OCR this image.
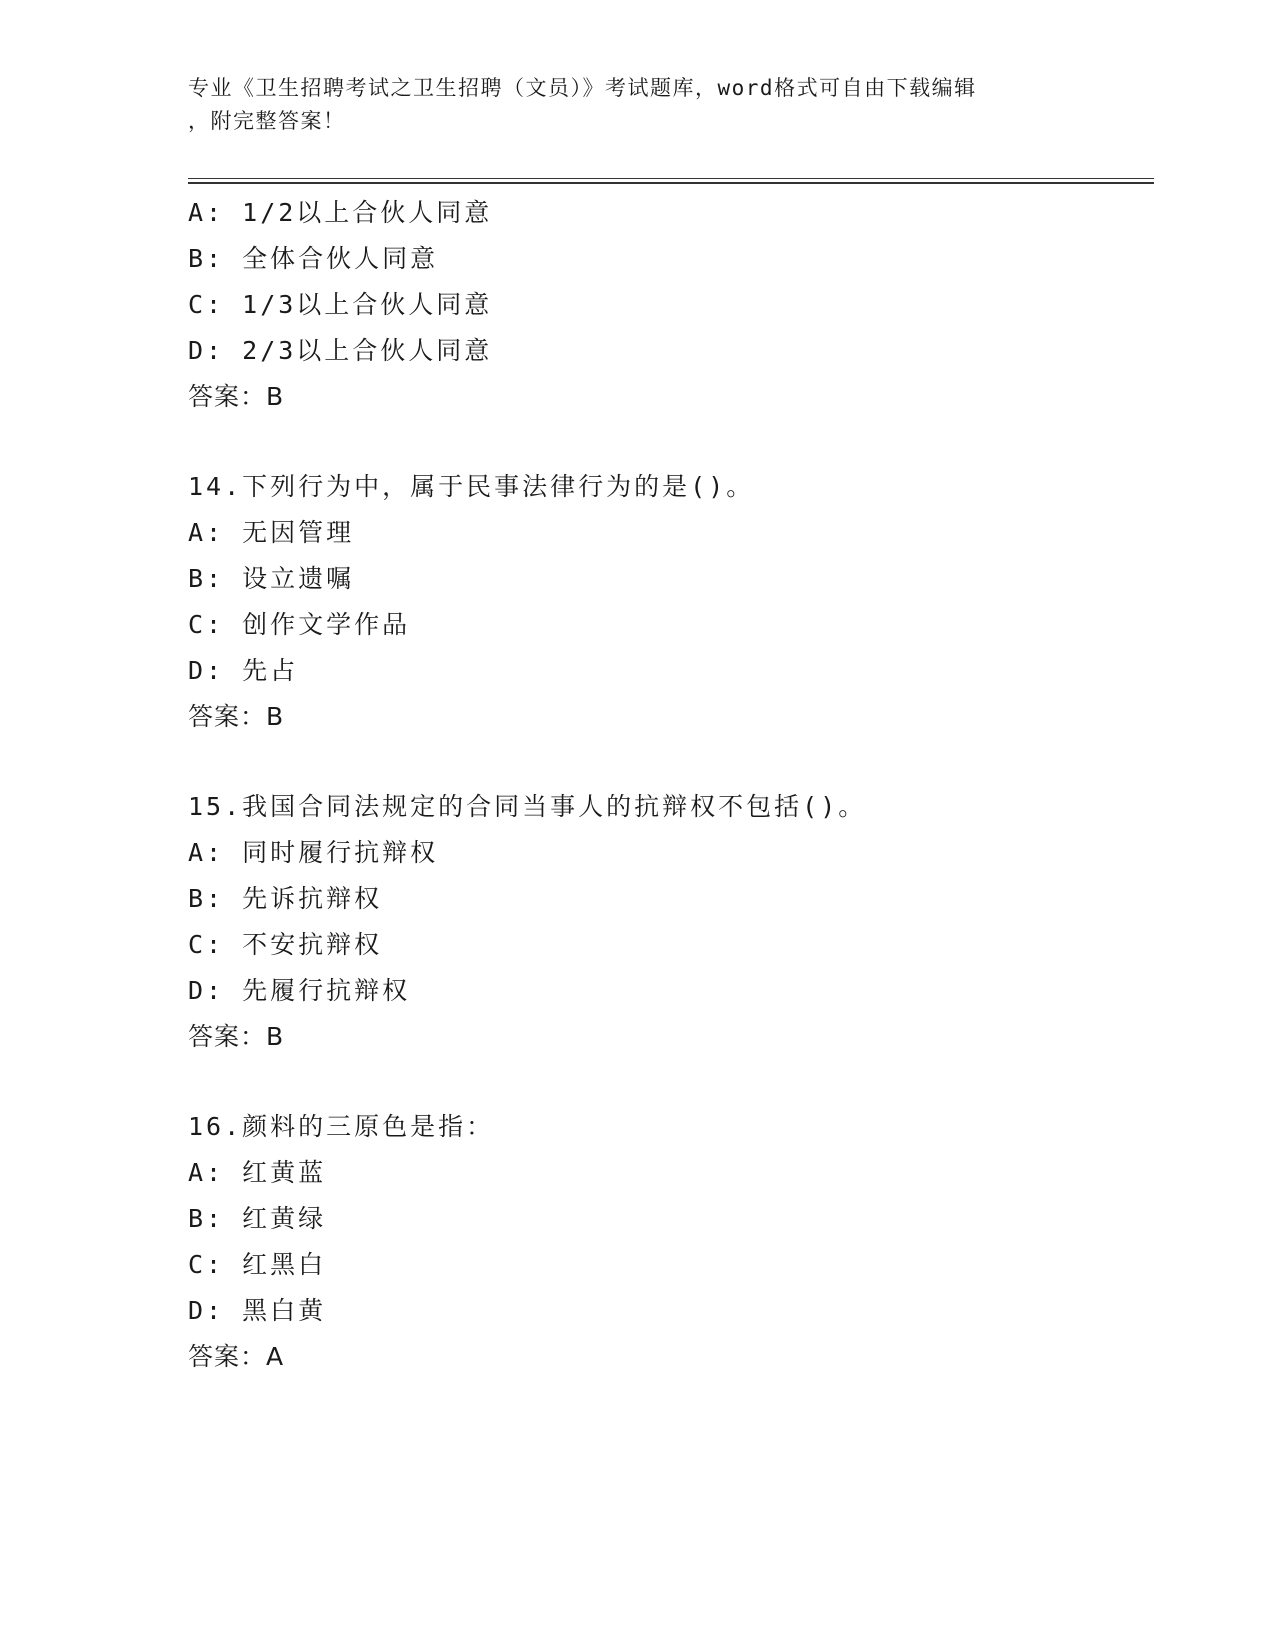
专业《卫生招聘考试之卫生招聘（文员）》考试题库，word格式可自由下载编辑
，附完整答案！
A: 1/2以上合伙人同意
B: 全体合伙人同意
C: 1/3以上合伙人同意
D: 2/3以上合伙人同意
答案：B
14.下列行为中，属于民事法律行为的是()。
A: 无因管理
B: 设立遗嘱
C: 创作文学作品
D: 先占
答案：B
15.我国合同法规定的合同当事人的抗辩权不包括()。
A: 同时履行抗辩权
B: 先诉抗辩权
C: 不安抗辩权
D: 先履行抗辩权
答案：B
16.颜料的三原色是指：
A: 红黄蓝
B: 红黄绿
C: 红黑白
D: 黑白黄
答案：A
